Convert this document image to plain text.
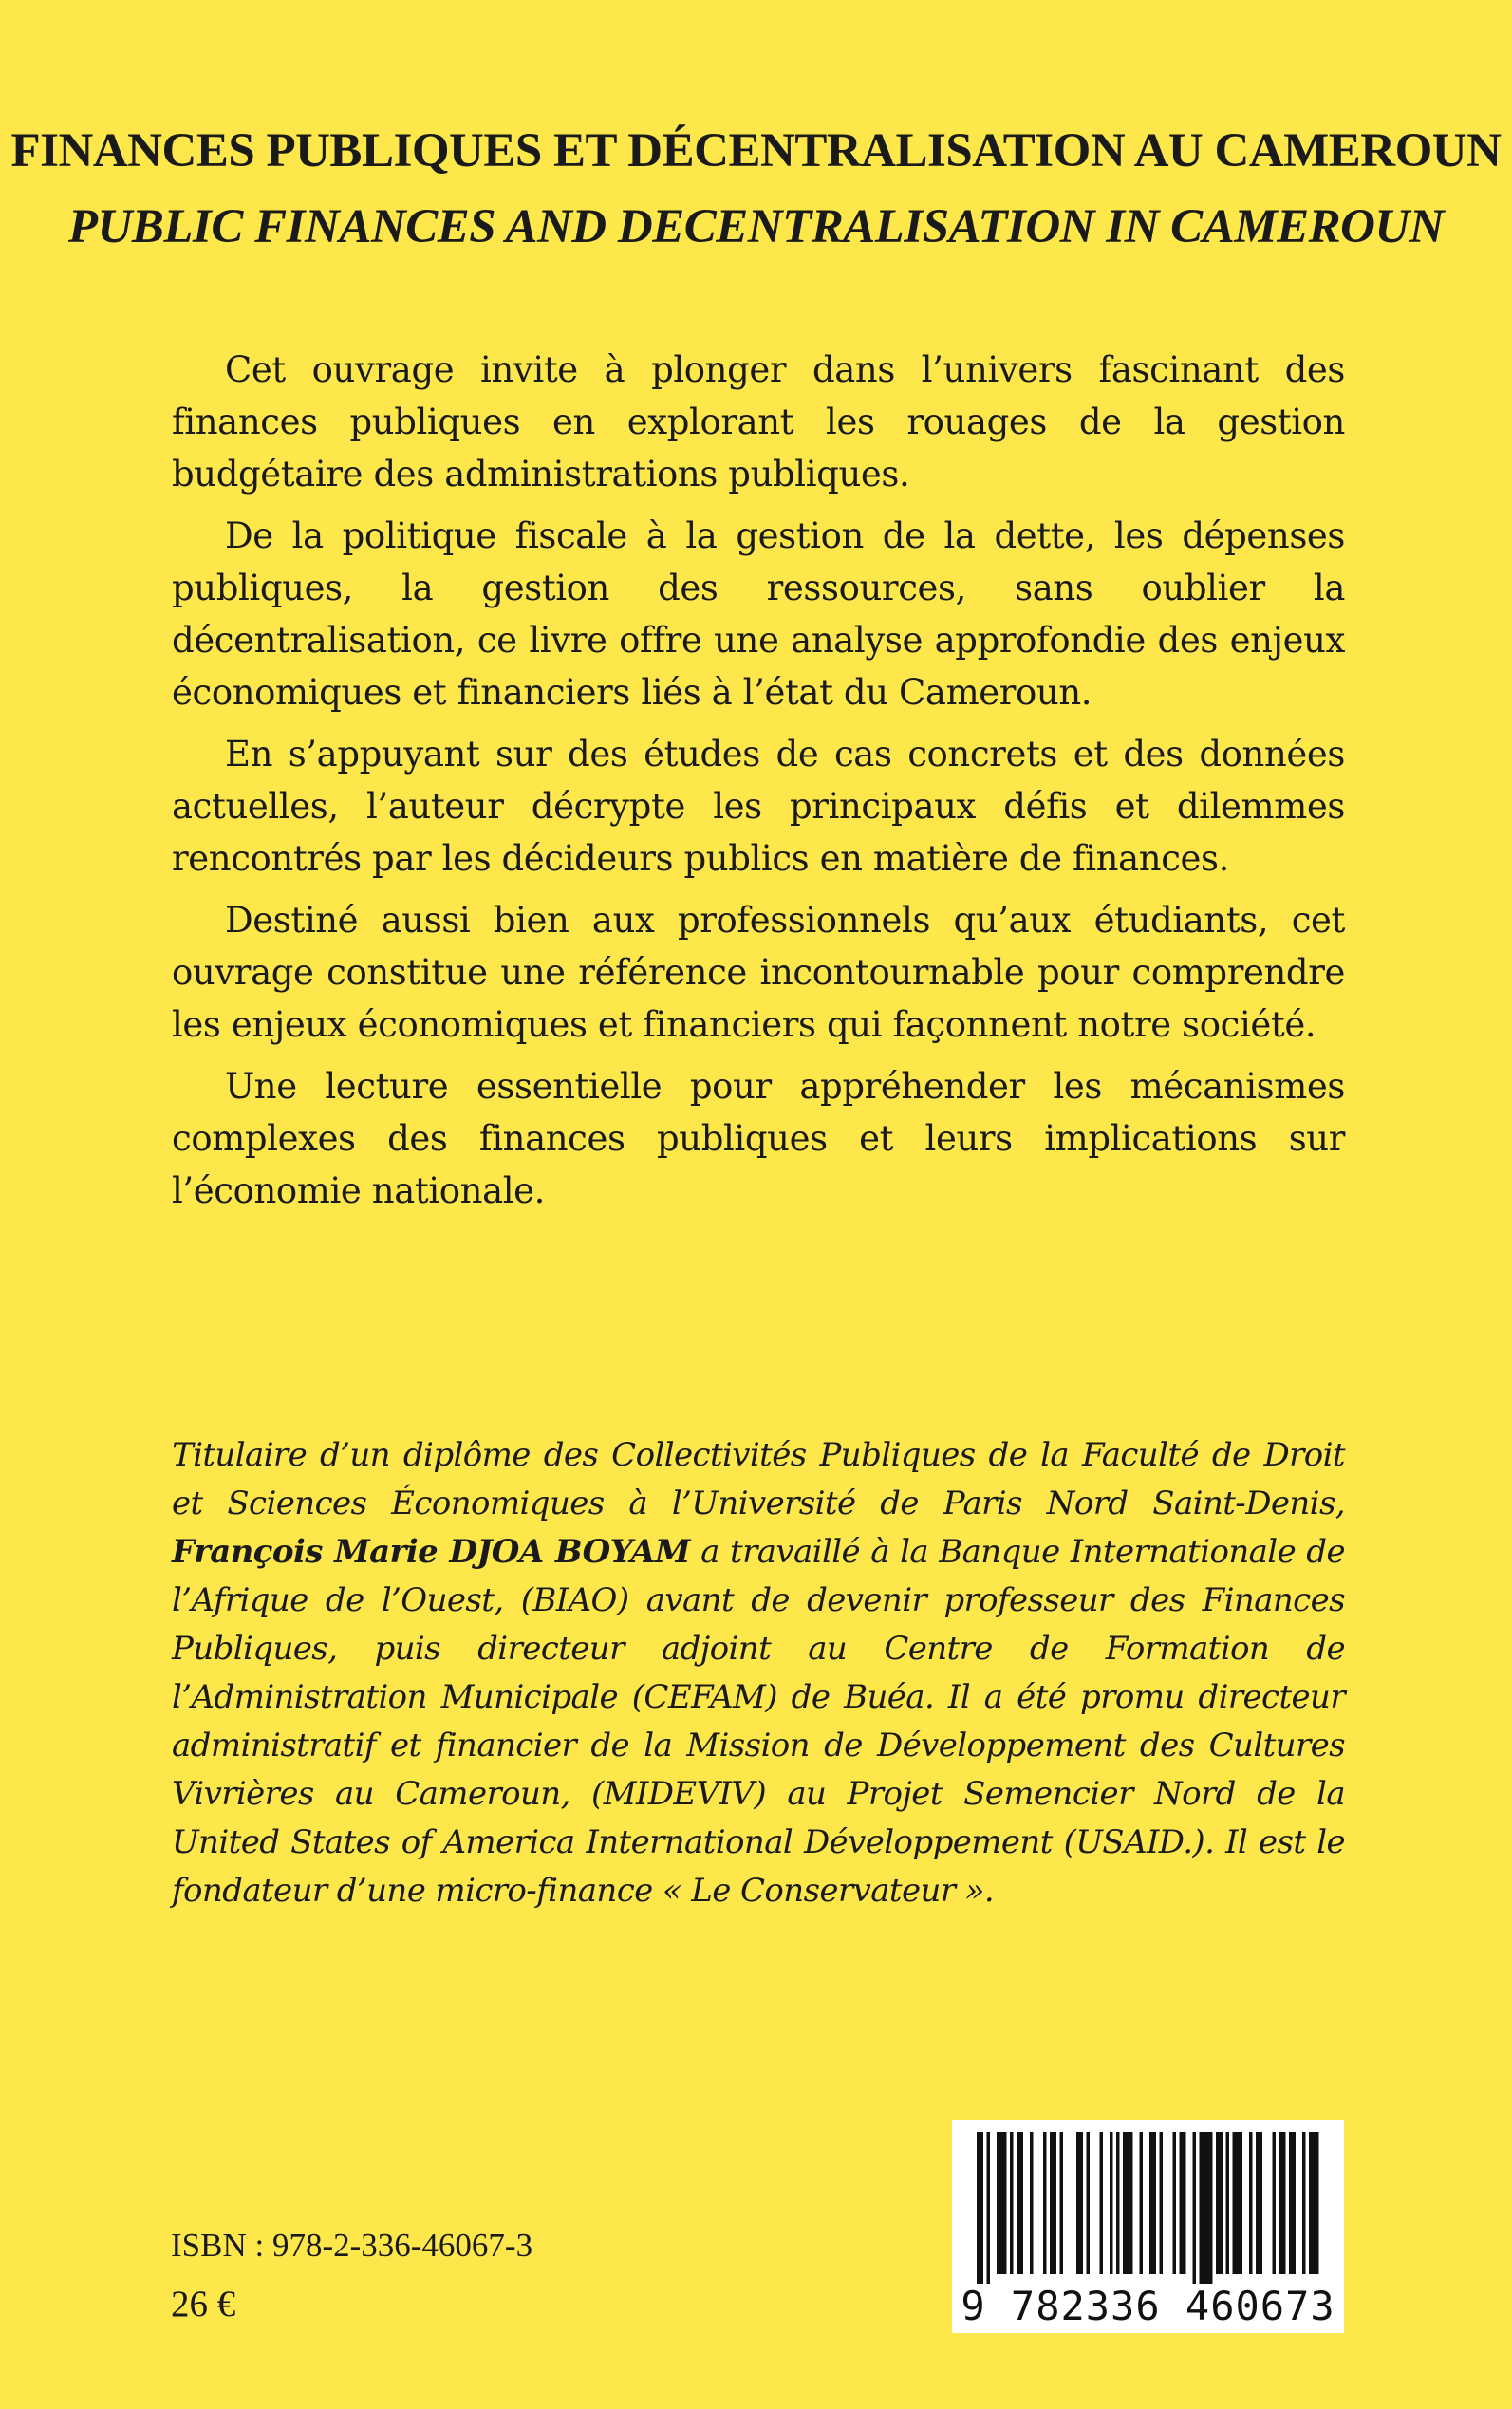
FINANCES PUBLIQUES ET DÉCENTRALISATION AU CAMEROUN
PUBLIC FINANCES AND DECENTRALISATION IN CAMEROUN

Cet ouvrage invite à plonger dans l’univers fascinant des finances publiques en explorant les rouages de la gestion budgétaire des administrations publiques.

De la politique fiscale à la gestion de la dette, les dépenses publiques, la gestion des ressources, sans oublier la décentralisation, ce livre offre une analyse approfondie des enjeux économiques et financiers liés à l’état du Cameroun.

En s’appuyant sur des études de cas concrets et des données actuelles, l’auteur décrypte les principaux défis et dilemmes rencontrés par les décideurs publics en matière de finances.

Destiné aussi bien aux professionnels qu’aux étudiants, cet ouvrage constitue une référence incontournable pour comprendre les enjeux économiques et financiers qui façonnent notre société.

Une lecture essentielle pour appréhender les mécanismes complexes des finances publiques et leurs implications sur l’économie nationale.

Titulaire d’un diplôme des Collectivités Publiques de la Faculté de Droit et Sciences Économiques à l’Université de Paris Nord Saint-Denis, François Marie DJOA BOYAM a travaillé à la Banque Internationale de l’Afrique de l’Ouest, (BIAO) avant de devenir professeur des Finances Publiques, puis directeur adjoint au Centre de Formation de l’Administration Municipale (CEFAM) de Buéa. Il a été promu directeur administratif et financier de la Mission de Développement des Cultures Vivrières au Cameroun, (MIDEVIV) au Projet Semencier Nord de la United States of America International Développement (USAID.). Il est le fondateur d’une micro-finance « Le Conservateur ».

ISBN : 978-2-336-46067-3

26 €	9 782336 460673
